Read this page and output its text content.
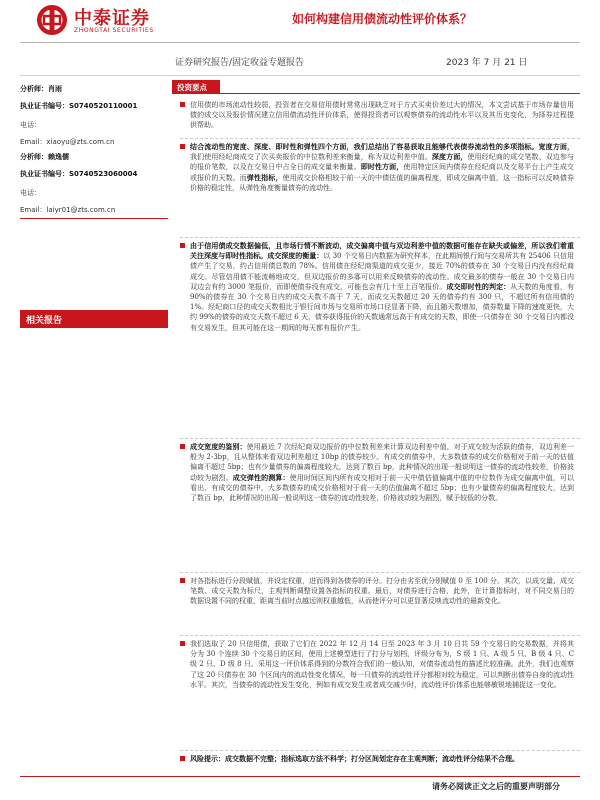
中泰证券
ZHONGTAI SECURITIES
如何构建信用债流动性评价体系？
证券研究报告/固定收益专题报告	2023 年 7 月 21 日
分析师：肖雨
执业证书编号：S0740520110001
电话：
Email：xiaoyu@zts.com.cn
分析师：赖逸儒
执业证书编号：S0740523060004
电话：
Email：laiyr01@zts.com.cn
相关报告
投资要点
信用债的市场流动性较弱，投资者在交易信用债时常常出现缺乏对于方式买卖价差过大的情况，本文尝试基于市场存量信用债的成交以及报价情况建立信用债流动性评价体系，使得投资者可以观察债券的流动性水平以及其历史变化，为择券过程提供帮助。
结合流动性的宽度、深度、即时性和弹性四个方面，我们总结出了容易获取且能够代表债券流动性的多项指标。宽度方面，我们使用经纪商成交了次买卖报价的中位数利差来衡量，称为双边利差中值。深度方面，使用经纪商的成交笔数、双边参与的报价笔数，以及在交易日中占全日的成交量来衡量。即时性方面，使用特定区间内债券在经纪商以及交易平台上产生成交或报价的天数。而弹性指标，使用成交价格相较于前一天的中债估值的偏离程度，即成交偏离中值，这一指标可以反映债券价格的稳定性，从弹性角度衡量债券的流动性。
由于信用债成交数据偏低，且市场行情不断波动，成交偏离中值与双边利差中值的数据可能存在缺失或偏差，所以我们着重关注深度与即时性指标。成交深度的衡量：以 30 个交易日内数据为研究样本，在此期间银行间与交易所共有 25406 只信用债产生了交易，约占信用债总数的 78%。信用债在经纪商渠道的成交更少，接近 70%的债券在 30 个交易日内没有经纪商成交。尽管信用债不能流畅地成交，但双边报价的多寡可以用来反映债券的流动性。成交最多的债券一般在 30 个交易日内双边会有约 3000 笔报价，而即使债券没有成交，可能也会有几十至上百笔报价。成交即时性的判定：从天数的角度看，有 90%的债券在 30 个交易日内的成交天数不高于 7 天，而成交天数超过 20 天的债券约有 300 只，不超过所有信用债的 1%。经纪商口径的成交天数相比于银行间市场与交易所市场口径显著下降，而且随天数增加，债券数量下降的速度更快，大约 99%的债券的成交天数不超过 6 天，债券获得报价的天数通常远高于有成交的天数，即使一只债券在 30 个交易日内都没有交易发生，但其可能在这一期间的每天都有报价产生。
成交宽度的鉴别：使用最近 7 次经纪商双边报价的中位数利差来计算双边利差中值，对于成交较为活跃的债券，双边利差一般为 2-3bp，且从整体来看双边利差超过 10bp 的债券较少。有成交的债券中，大多数债券的成交价格相对于前一天的估值偏离不超过 5bp；也有少量债券的偏离程度较大，达到了数百 bp，此种情况的出现一般说明这一债券的流动性较差，价格波动较为剧烈。成交弹性的测算：使用时间区间内所有成交相对于前一天中债估值偏离中值的中位数作为成交偏离中值，可以看出，有成交的债券中，大多数债券的成交价格相对于前一天的估值偏离不超过 5bp；也有少量债券的偏离程度较大，达到了数百 bp，此种情况的出现一般说明这一债券的流动性较差，价格波动较为剧烈，赋予较低的分数。
对各指标进行分段赋值，并设定权重，进而得到各债券的评分。打分由劣至优分别赋值 0 至 100 分。其次，以成交量、成交笔数、成交天数为标尺，主观判断调整设置各指标的权重。最后，对债券进行合格，此外，在计算指标时，对不同交易日的数据设置不同的权重，距离当前时点越远则权重越低，从而使评分可以更显著反映流动性的最新变化。
我们选取了 20 只信用债，获取了它们在 2022 年 12 月 14 日至 2023 年 3 月 10 日共 59 个交易日的交易数据，并将其分为 30 个连续 30 个交易日的区间，使用上述模型进行了打分与划档，评级分布为，S 级 1 只、A 级 5 只、B 级 4 只、C 级 2 只、D 级 8 只。采用这一评价体系得到的分数符合我们的一般认知，对债券流动性的描述比较准确。此外，我们也观察了这 20 只债券在 30 个区间内的流动性变化情况，每一只债券的流动性评分都相对较为稳定，可以判断出债券自身的流动性水平。其次，当债券的流动性发生变化，例如有成交发生或者成交减少时，流动性评价体系也能够敏锐地捕捉这一变化。
风险提示：成交数据不完整；指标选取方法不科学；打分区间划定存在主观判断；流动性评分结果不合理。
请务必阅读正文之后的重要声明部分
